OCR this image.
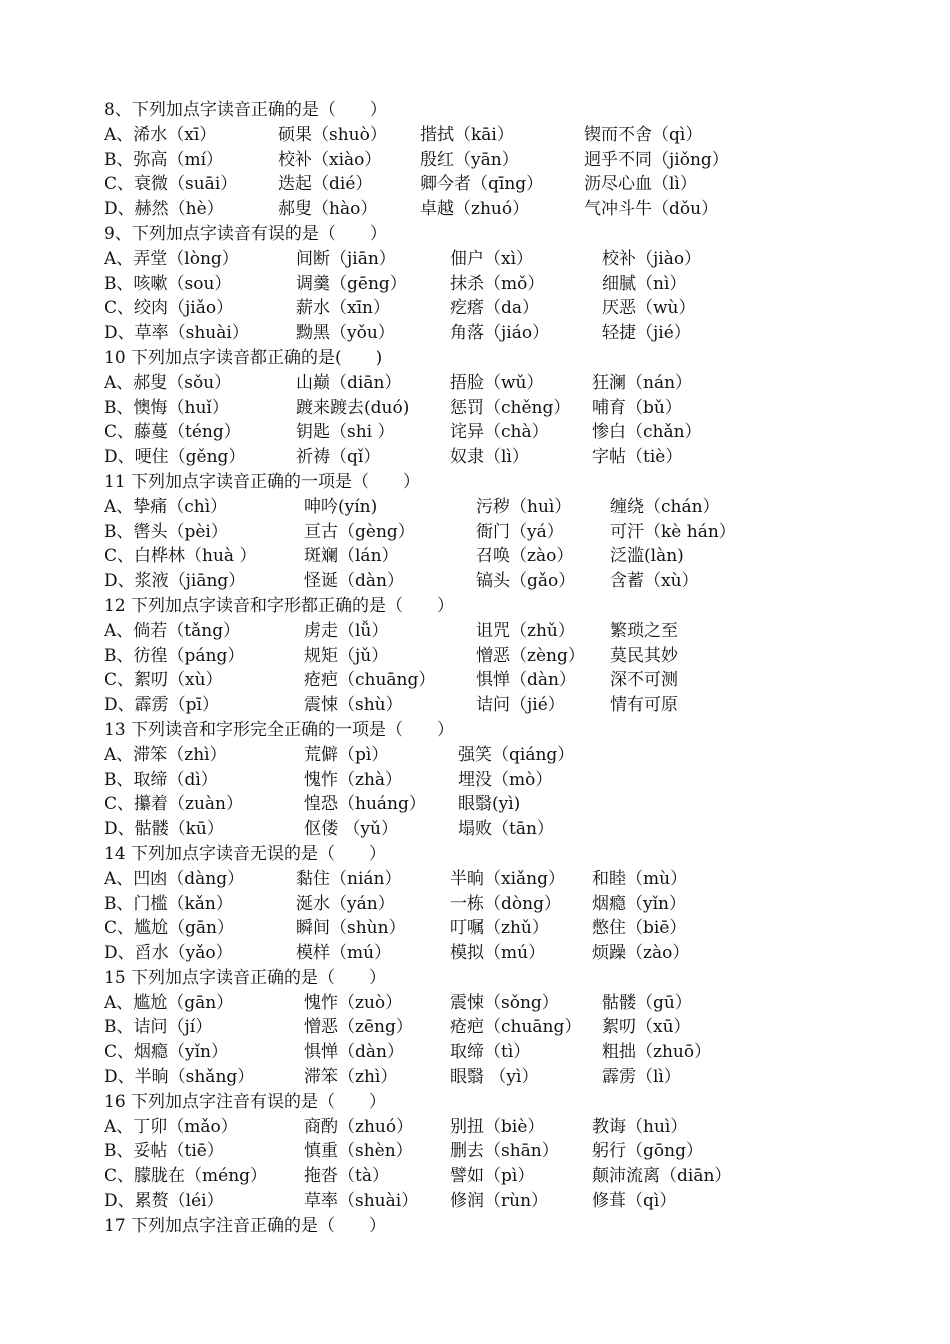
8、下列加点字读音正确的是（　　）
A、浠水（xī）	硕果（shuò） 揩拭（kāi）	锲而不舍（qì）
B、弥高（mí）	校补（xiào） 殷红（yān）	迥乎不同（jiǒng）
C、衰微（suāi） 迭起（dié）	卿今者（qīng） 沥尽心血（lì）
D、赫然（hè）	郝叟（hào）	卓越（zhuó）	气冲斗牛（dǒu）
9、下列加点字读音有误的是（　　）
A、弄堂（lòng）	间断（jiān）	佃户（xì）	校补（jiào）
B、咳嗽（sou）	调羹（gēng）	抹杀（mǒ）	细腻（nì）
C、绞肉（jiǎo）	薪水（xīn）	疙瘩（da）	厌恶（wù）
D、草率（shuài）	黝黑（yǒu）	角落（jiáo）	轻捷（jié）
10 下列加点字读音都正确的是(　　)
A、郝叟（sǒu）	山巅（diān）	捂脸（wǔ）	狂澜（nán）
B、懊悔（huǐ）	踱来踱去(duó) 惩罚（chěng） 哺育（bǔ）
C、藤蔓（téng）	钥匙（shi ）	诧异（chà）	惨白（chǎn）
D、哽住（gěng）	祈祷（qǐ）	奴隶（lì）	字帖（tiè）
11 下列加点字读音正确的一项是（　　）
A、挚痛（chì）	呻吟(yín)	污秽（huì） 缠绕（chán）
B、辔头（pèi）	亘古（gèng）	衙门（yá）	可汗（kè hán）
C、白桦林（huà ）	斑斓（lán）	召唤（zào） 泛滥(làn)
D、浆液（jiāng）	怪诞（dàn）	镐头（gǎo） 含蓄（xù）
12 下列加点字读音和字形都正确的是（　　）
A、倘若（tǎng）	虏走（lǚ）	诅咒（zhǔ） 繁琐之至
B、彷徨（páng）	规矩（jǔ）	憎恶（zèng） 莫民其妙
C、絮叨（xù）	疮疤（chuāng） 惧惮（dàn） 深不可测
D、霹雳（pī）	震悚（shù）	诘问（jié）	情有可原
13 下列读音和字形完全正确的一项是（　　）
A、滞笨（zhì）	荒僻（pì）	强笑（qiáng）
B、取缔（dì）	愧怍（zhà）	埋没（mò）
C、攥着（zuàn）	惶恐（huáng） 眼翳(yì)
D、骷髅（kū）	伛偻 （yǔ）	塌败（tān）
14 下列加点字读音无误的是（　　）
A、凹凼（dàng）	黏住（nián）	半晌（xiǎng） 和睦（mù）
B、门槛（kǎn）	涎水（yán）	一栋（dòng） 烟瘾（yǐn）
C、尴尬（gān）	瞬间（shùn）	叮嘱（zhǔ）	憋住（biē）
D、舀水（yǎo）	模样（mú）	模拟（mú）	烦躁（zào）
15 下列加点字读音正确的是（　　）
A、尴尬（gān）	愧怍（zuò）	震悚（sǒng）	骷髅（gū）
B、诘问（jí）	憎恶（zēng） 疮疤（chuāng） 絮叨（xū）
C、烟瘾（yǐn）	惧惮（dàn）	取缔（tì）	粗拙（zhuō）
D、半晌（shǎng）	滞笨（zhì）	眼翳 （yì）	霹雳（lì）
16 下列加点字注音有误的是（　　）
A、丁卯（mǎo）	商酌（zhuó） 别扭（biè）	教诲（huì）
B、妥帖（tiē）	慎重（shèn） 删去（shān） 躬行（gōng）
C、朦胧在（méng） 拖沓（tà）	譬如（pì）	颠沛流离（diān）
D、累赘（léi）	草率（shuài） 修润（rùn）	修葺（qì）
17 下列加点字注音正确的是（　　）
